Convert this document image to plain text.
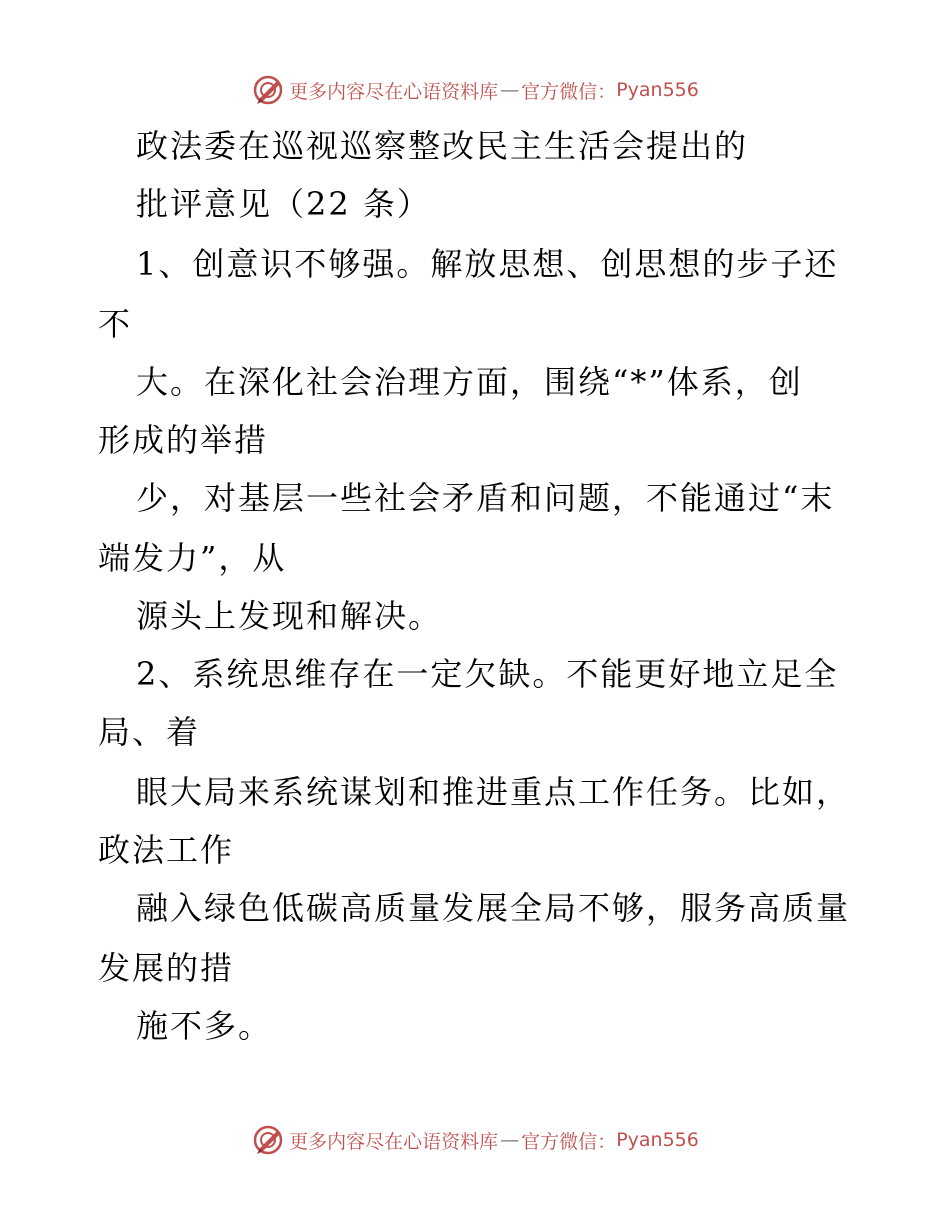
更多内容尽在心语资料库 — 官方微信： Pyan556
政法委在巡视巡察整改民主生活会提出的
批评意见（22 条）
1、创意识不够强。解放思想、创思想的步子还
不
大。在深化社会治理方面，围绕“*”体系，创
形成的举措
少，对基层一些社会矛盾和问题，不能通过“末
端发力”，从
源头上发现和解决。
2、系统思维存在一定欠缺。不能更好地立足全
局、着
眼大局来系统谋划和推进重点工作任务。比如，
政法工作
融入绿色低碳高质量发展全局不够，服务高质量
发展的措
施不多。
更多内容尽在心语资料库 — 官方微信： Pyan556
